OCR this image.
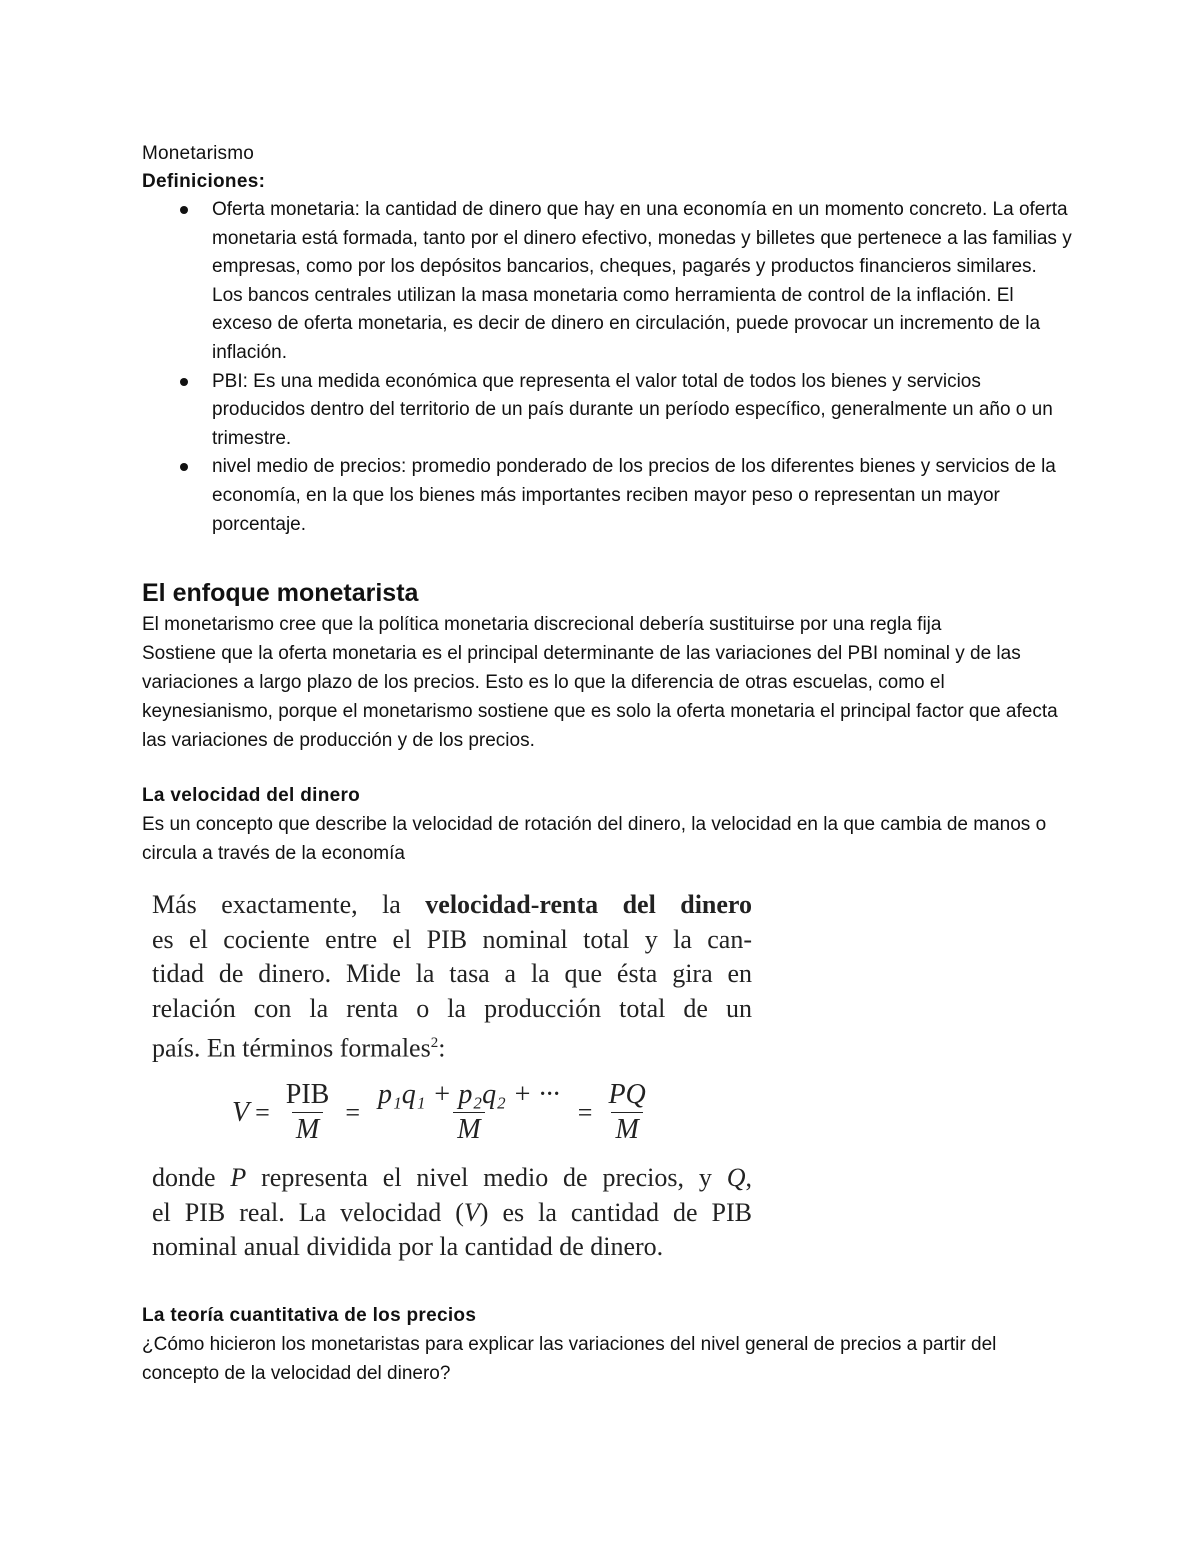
Monetarismo
Definiciones:
Oferta monetaria: la cantidad de dinero que hay en una economía en un momento concreto. La oferta monetaria está formada, tanto por el dinero efectivo, monedas y billetes que pertenece a las familias y empresas, como por los depósitos bancarios, cheques, pagarés y productos financieros similares.
Los bancos centrales utilizan la masa monetaria como herramienta de control de la inflación. El exceso de oferta monetaria, es decir de dinero en circulación, puede provocar un incremento de la inflación.
PBI: Es una medida económica que representa el valor total de todos los bienes y servicios producidos dentro del territorio de un país durante un período específico, generalmente un año o un trimestre.
nivel medio de precios: promedio ponderado de los precios de los diferentes bienes y servicios de la economía, en la que los bienes más importantes reciben mayor peso o representan un mayor porcentaje.
El enfoque monetarista

El monetarismo cree que la política monetaria discrecional debería sustituirse por una regla fija

Sostiene que la oferta monetaria es el principal determinante de las variaciones del PBI nominal y de las variaciones a largo plazo de los precios. Esto es lo que la diferencia de otras escuelas, como el keynesianismo, porque el monetarismo sostiene que es solo la oferta monetaria el principal factor que afecta las variaciones de producción y de los precios.

La velocidad del dinero

Es un concepto que describe la velocidad de rotación del dinero, la velocidad en la que cambia de manos o circula a través de la economía

Más exactamente, la velocidad-renta del dinero

es el cociente entre el PIB nominal total y la can-

tidad de dinero. Mide la tasa a la que ésta gira en

relación con la renta o la producción total de un

país. En términos formales$^2$:

$V = \frac{\text{PIB}}{M} = \frac{\text{p₁q₁ + p₂q₂ + ···}}{M} = \frac{PQ}{M}$

donde P representa el nivel medio de precios, y Q,

el PIB real. La velocidad (V) es la cantidad de PIB

nominal anual dividida por la cantidad de dinero.

La teoría cuantitativa de los precios

¿Cómo hicieron los monetaristas para explicar las variaciones del nivel general de precios a partir del concepto de la velocidad del dinero?
